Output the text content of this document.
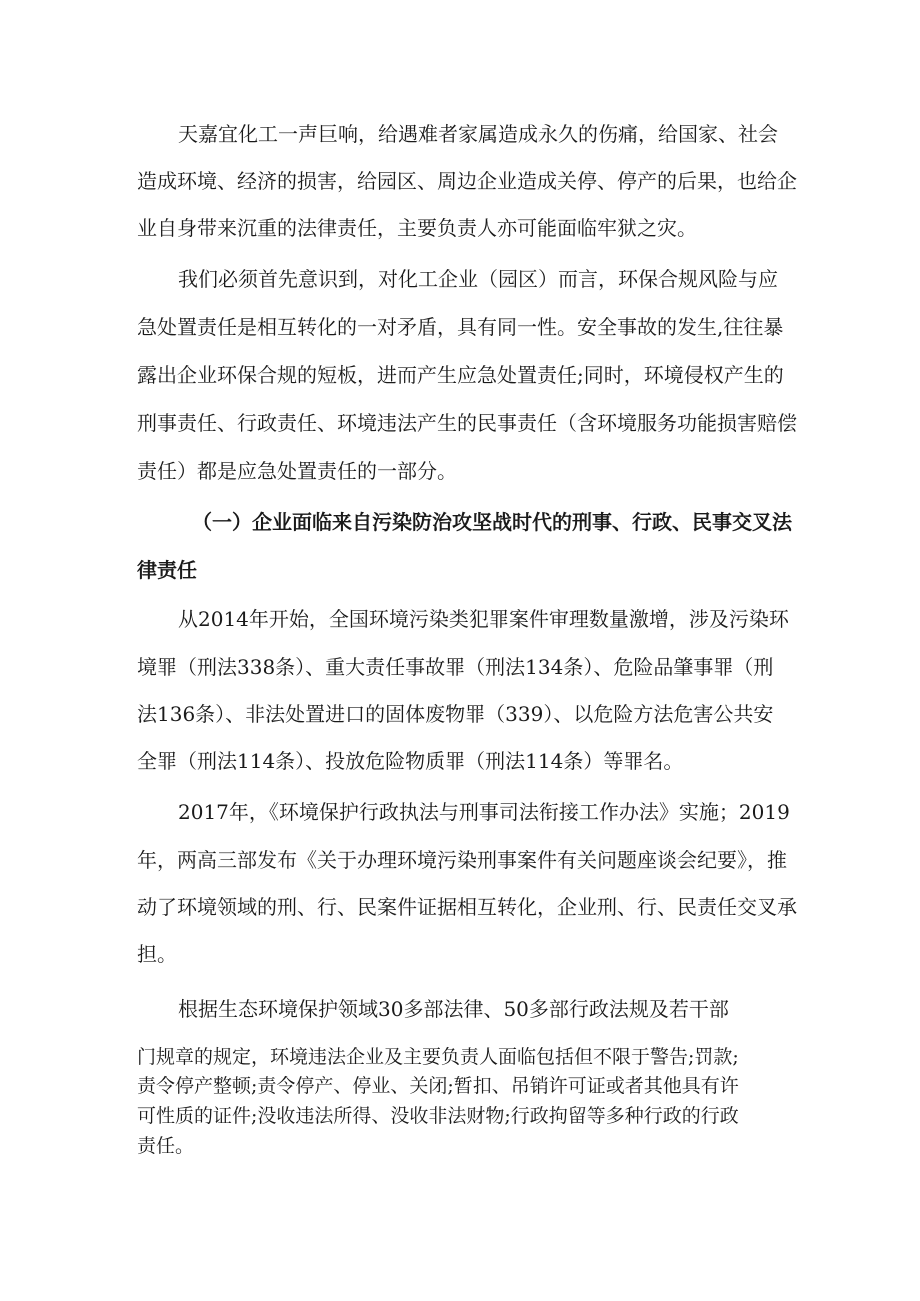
天嘉宜化工一声巨响，给遇难者家属造成永久的伤痛，给国家、社会
造成环境、经济的损害，给园区、周边企业造成关停、停产的后果，也给企
业自身带来沉重的法律责任，主要负责人亦可能面临牢狱之灾。
我们必须首先意识到，对化工企业（园区）而言，环保合规风险与应
急处置责任是相互转化的一对矛盾，具有同一性。安全事故的发生,往往暴
露出企业环保合规的短板，进而产生应急处置责任;同时，环境侵权产生的
刑事责任、行政责任、环境违法产生的民事责任（含环境服务功能损害赔偿
责任）都是应急处置责任的一部分。
（一）企业面临来自污染防治攻坚战时代的刑事、行政、民事交叉法
律责任
从2014年开始，全国环境污染类犯罪案件审理数量激增，涉及污染环
境罪（刑法338条）、重大责任事故罪（刑法134条）、危险品肇事罪（刑
法136条）、非法处置进口的固体废物罪（339）、以危险方法危害公共安
全罪（刑法114条）、投放危险物质罪（刑法114条）等罪名。
2017年，《环境保护行政执法与刑事司法衔接工作办法》实施；2019
年，两高三部发布《关于办理环境污染刑事案件有关问题座谈会纪要》，推
动了环境领域的刑、行、民案件证据相互转化，企业刑、行、民责任交叉承
担。
根据生态环境保护领域30多部法律、50多部行政法规及若干部
门规章的规定，环境违法企业及主要负责人面临包括但不限于警告;罚款;
责令停产整顿;责令停产、停业、关闭;暂扣、吊销许可证或者其他具有许
可性质的证件;没收违法所得、没收非法财物;行政拘留等多种行政的行政
责任。
